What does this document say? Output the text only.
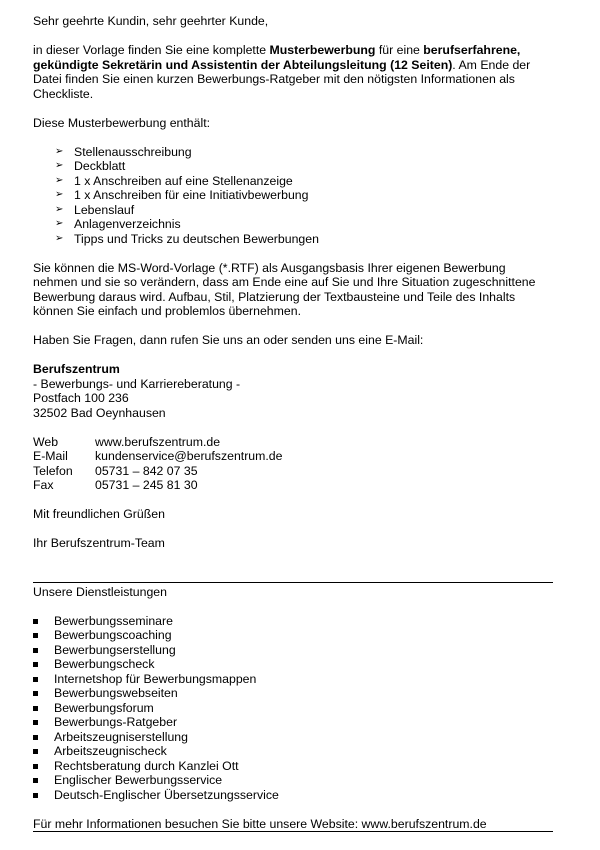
Sehr geehrte Kundin, sehr geehrter Kunde,

in dieser Vorlage finden Sie eine komplette Musterbewerbung für eine berufserfahrene, gekündigte Sekretärin und Assistentin der Abteilungsleitung (12 Seiten). Am Ende der Datei finden Sie einen kurzen Bewerbungs-Ratgeber mit den nötigsten Informationen als Checkliste.

Diese Musterbewerbung enthält:

➢ Stellenausschreibung
➢ Deckblatt
➢ 1 x Anschreiben auf eine Stellenanzeige
➢ 1 x Anschreiben für eine Initiativbewerbung
➢ Lebenslauf
➢ Anlagenverzeichnis
➢ Tipps und Tricks zu deutschen Bewerbungen

Sie können die MS-Word-Vorlage (*.RTF) als Ausgangsbasis Ihrer eigenen Bewerbung nehmen und sie so verändern, dass am Ende eine auf Sie und Ihre Situation zugeschnittene Bewerbung daraus wird. Aufbau, Stil, Platzierung der Textbausteine und Teile des Inhalts können Sie einfach und problemlos übernehmen.

Haben Sie Fragen, dann rufen Sie uns an oder senden uns eine E-Mail:

Berufszentrum

- Bewerbungs- und Karriereberatung -

Postfach 100 236

32502 Bad Oeynhausen

Web	www.berufszentrum.de
E-Mail	kundenservice@berufszentrum.de
Telefon	05731 – 842 07 35
Fax	05731 – 245 81 30

Mit freundlichen Grüßen

Ihr Berufszentrum-Team

Unsere Dienstleistungen

Bewerbungsseminare
Bewerbungscoaching
Bewerbungserstellung
Bewerbungscheck
Internetshop für Bewerbungsmappen
Bewerbungswebseiten
Bewerbungsforum
Bewerbungs-Ratgeber
Arbeitszeugniserstellung
Arbeitszeugnischeck
Rechtsberatung durch Kanzlei Ott
Englischer Bewerbungsservice
Deutsch-Englischer Übersetzungsservice

Für mehr Informationen besuchen Sie bitte unsere Website: www.berufszentrum.de
